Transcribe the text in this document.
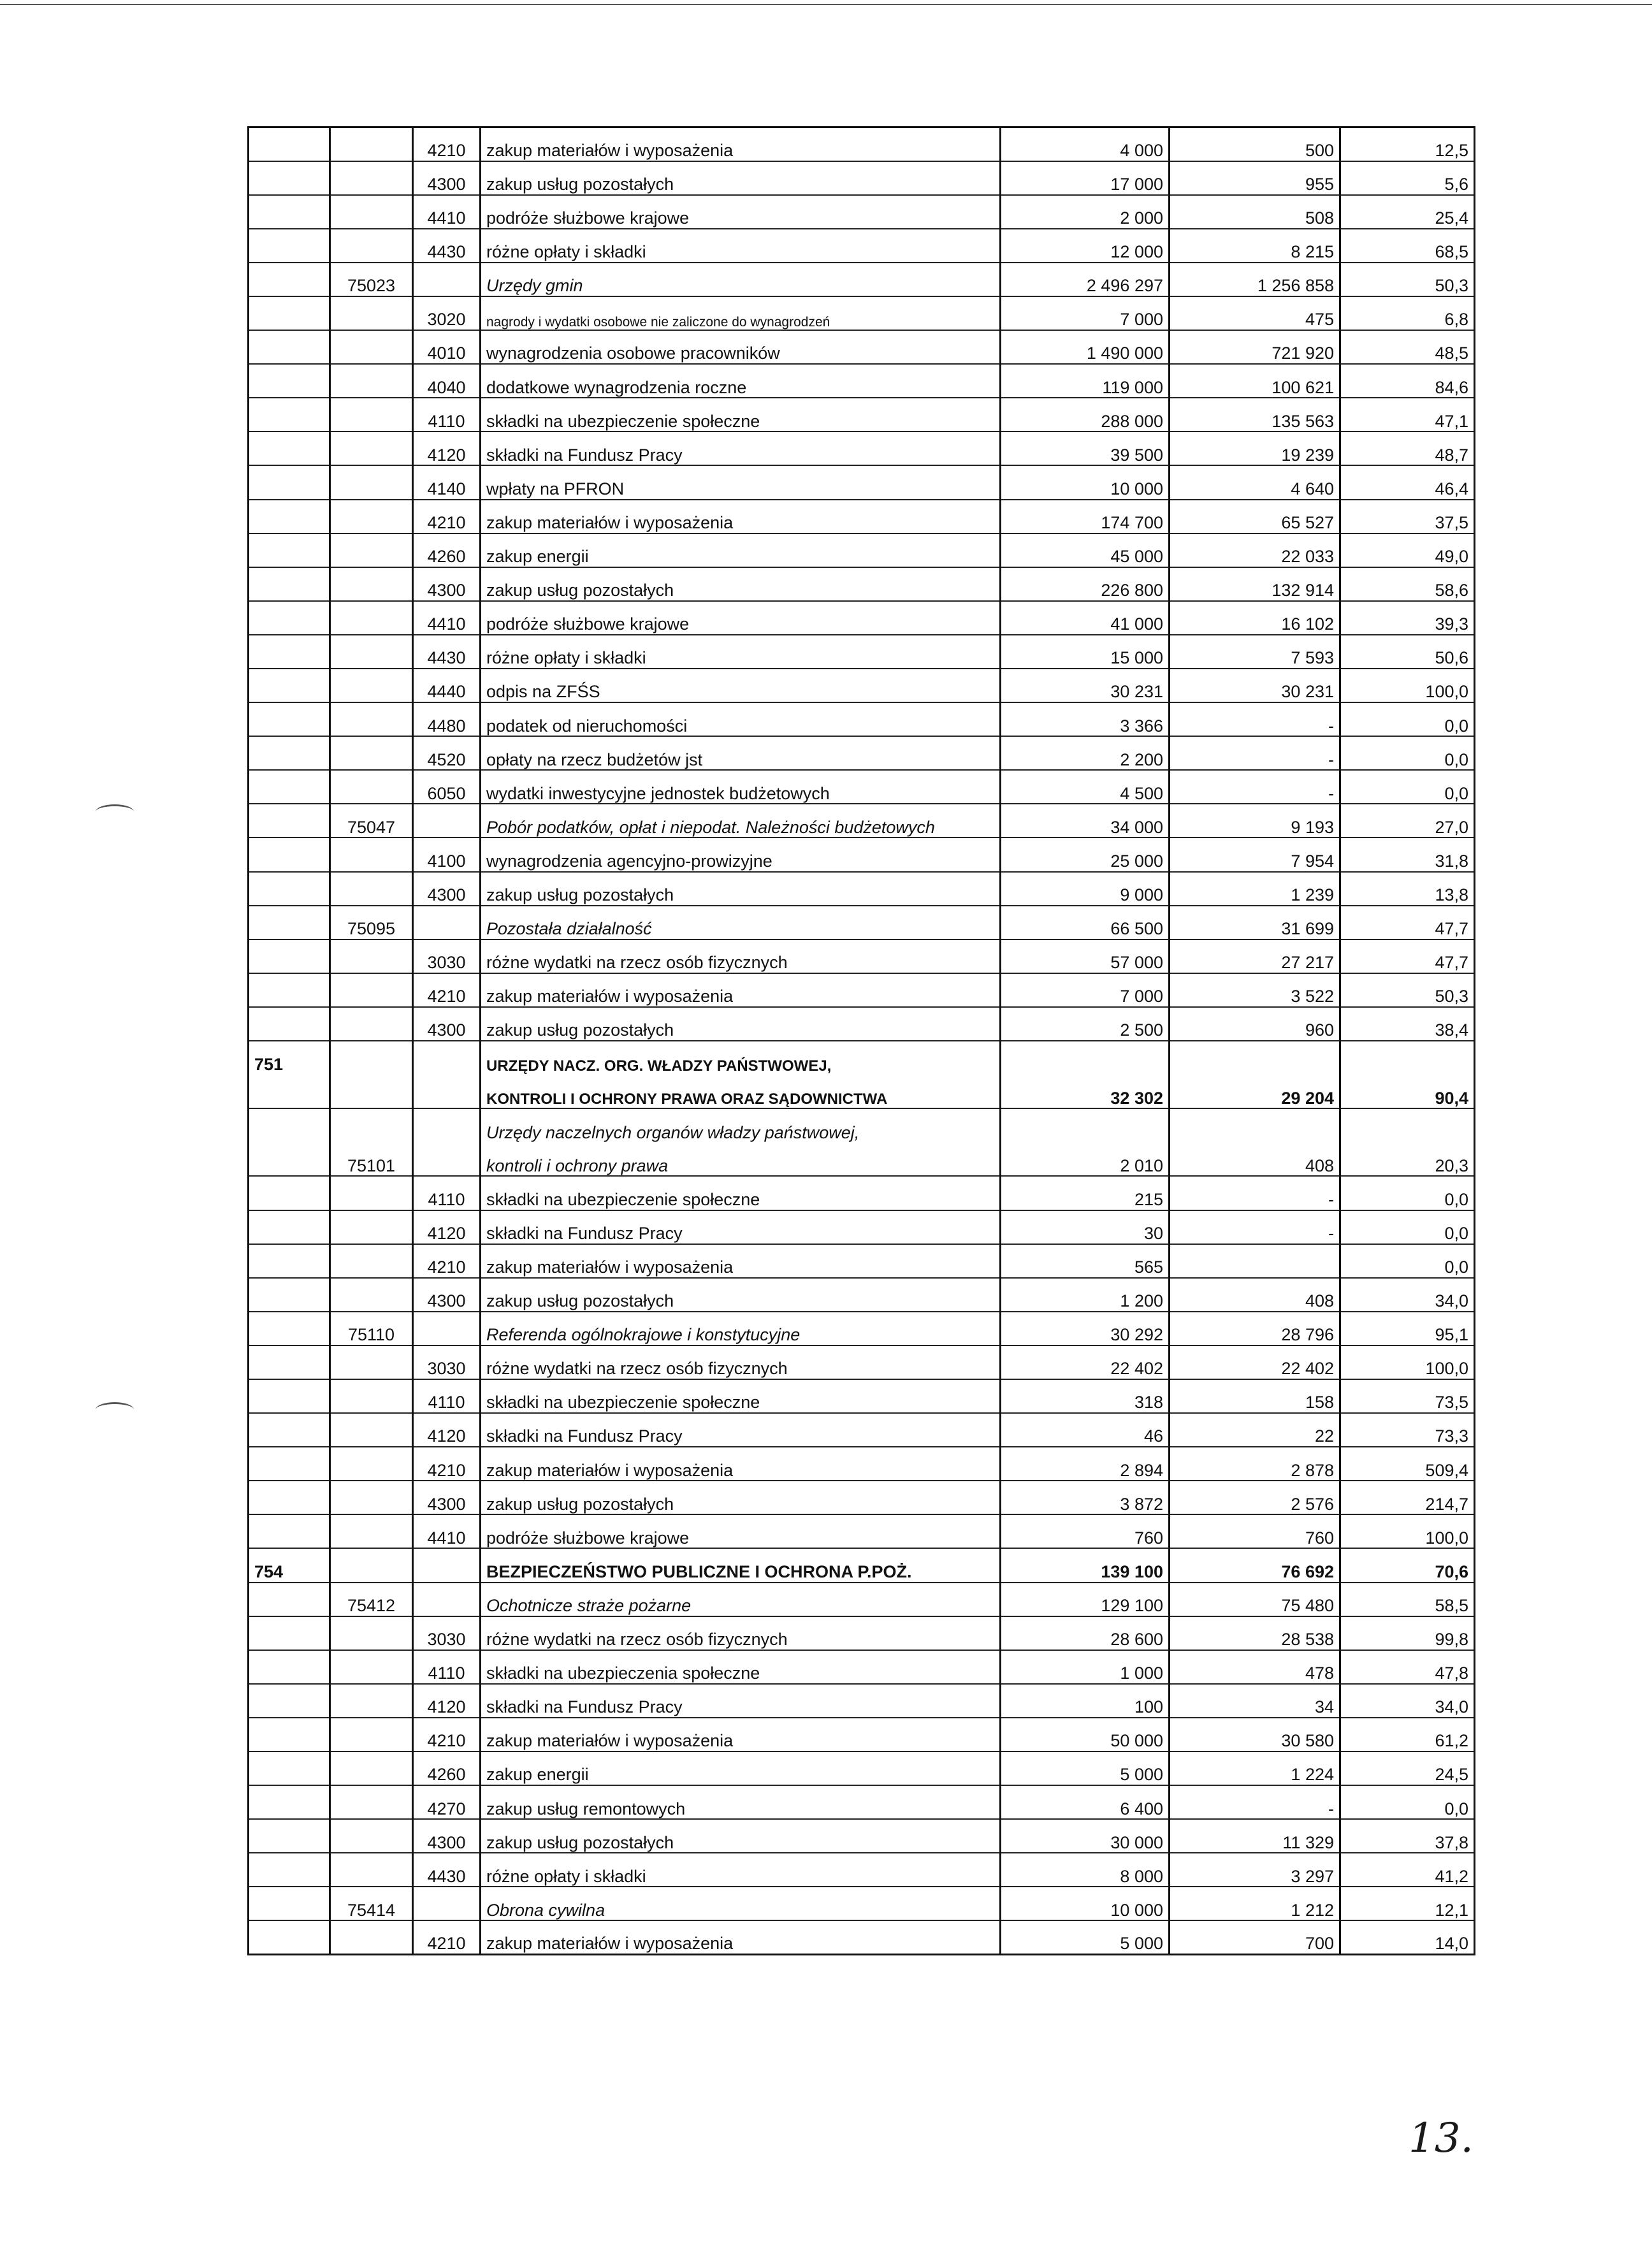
		4210	zakup materiałów i wyposażenia	4 000	500	12,5
		4300	zakup usług pozostałych	17 000	955	5,6
		4410	podróże służbowe krajowe	2 000	508	25,4
		4430	różne opłaty i składki	12 000	8 215	68,5
	75023		Urzędy gmin	2 496 297	1 256 858	50,3
		3020	nagrody i wydatki osobowe nie zaliczone do wynagrodzeń	7 000	475	6,8
		4010	wynagrodzenia osobowe pracowników	1 490 000	721 920	48,5
		4040	dodatkowe wynagrodzenia roczne	119 000	100 621	84,6
		4110	składki na ubezpieczenie społeczne	288 000	135 563	47,1
		4120	składki na Fundusz Pracy	39 500	19 239	48,7
		4140	wpłaty na PFRON	10 000	4 640	46,4
		4210	zakup materiałów i wyposażenia	174 700	65 527	37,5
		4260	zakup energii	45 000	22 033	49,0
		4300	zakup usług pozostałych	226 800	132 914	58,6
		4410	podróże służbowe krajowe	41 000	16 102	39,3
		4430	różne opłaty i składki	15 000	7 593	50,6
		4440	odpis na ZFŚS	30 231	30 231	100,0
		4480	podatek od nieruchomości	3 366	-	0,0
		4520	opłaty na rzecz budżetów jst	2 200	-	0,0
		6050	wydatki inwestycyjne jednostek budżetowych	4 500	-	0,0
	75047		Pobór podatków, opłat i niepodat. Należności budżetowych	34 000	9 193	27,0
		4100	wynagrodzenia agencyjno-prowizyjne	25 000	7 954	31,8
		4300	zakup usług pozostałych	9 000	1 239	13,8
	75095		Pozostała działalność	66 500	31 699	47,7
		3030	różne wydatki na rzecz osób fizycznych	57 000	27 217	47,7
		4210	zakup materiałów i wyposażenia	7 000	3 522	50,3
		4300	zakup usług pozostałych	2 500	960	38,4
751			URZĘDY NACZ. ORG. WŁADZY PAŃSTWOWEJ,			
			KONTROLI I OCHRONY PRAWA ORAZ SĄDOWNICTWA	32 302	29 204	90,4
			Urzędy naczelnych organów władzy państwowej,			
	75101		kontroli i ochrony prawa	2 010	408	20,3
		4110	składki na ubezpieczenie społeczne	215	-	0,0
		4120	składki na Fundusz Pracy	30	-	0,0
		4210	zakup materiałów i wyposażenia	565		0,0
		4300	zakup usług pozostałych	1 200	408	34,0
	75110		Referenda ogólnokrajowe i konstytucyjne	30 292	28 796	95,1
		3030	różne wydatki na rzecz osób fizycznych	22 402	22 402	100,0
		4110	składki na ubezpieczenie społeczne	318	158	73,5
		4120	składki na Fundusz Pracy	46	22	73,3
		4210	zakup materiałów i wyposażenia	2 894	2 878	509,4
		4300	zakup usług pozostałych	3 872	2 576	214,7
		4410	podróże służbowe krajowe	760	760	100,0
754			BEZPIECZEŃSTWO PUBLICZNE I OCHRONA P.POŻ.	139 100	76 692	70,6
	75412		Ochotnicze straże pożarne	129 100	75 480	58,5
		3030	różne wydatki na rzecz osób fizycznych	28 600	28 538	99,8
		4110	składki na ubezpieczenia społeczne	1 000	478	47,8
		4120	składki na Fundusz Pracy	100	34	34,0
		4210	zakup materiałów i wyposażenia	50 000	30 580	61,2
		4260	zakup energii	5 000	1 224	24,5
		4270	zakup usług remontowych	6 400	-	0,0
		4300	zakup usług pozostałych	30 000	11 329	37,8
		4430	różne opłaty i składki	8 000	3 297	41,2
	75414		Obrona cywilna	10 000	1 212	12,1
		4210	zakup materiałów i wyposażenia	5 000	700	14,0
13.
